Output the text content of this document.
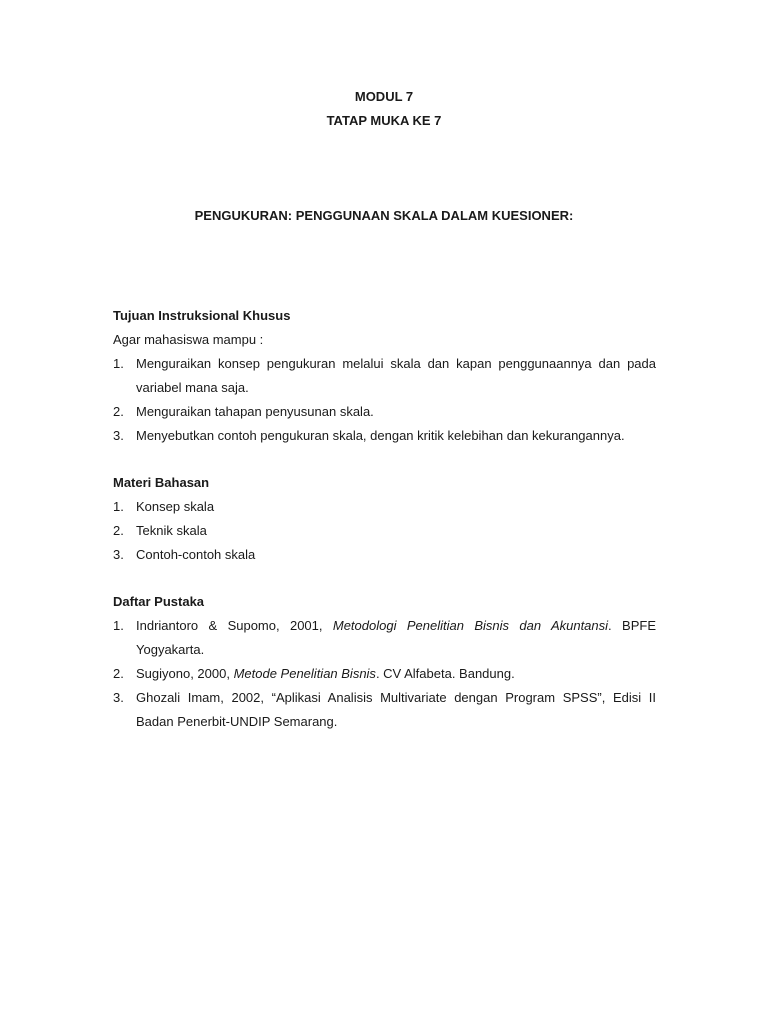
MODUL 7
TATAP MUKA KE 7
PENGUKURAN: PENGGUNAAN SKALA DALAM KUESIONER:
Tujuan Instruksional Khusus
Agar mahasiswa mampu :
1. Menguraikan konsep pengukuran melalui skala dan kapan penggunaannya dan pada variabel mana saja.
2. Menguraikan tahapan penyusunan skala.
3. Menyebutkan contoh pengukuran skala, dengan kritik kelebihan dan kekurangannya.
Materi Bahasan
1. Konsep skala
2. Teknik skala
3. Contoh-contoh skala
Daftar Pustaka
1. Indriantoro & Supomo, 2001, Metodologi Penelitian Bisnis dan Akuntansi. BPFE Yogyakarta.
2. Sugiyono, 2000, Metode Penelitian Bisnis. CV Alfabeta. Bandung.
3. Ghozali Imam, 2002, “Aplikasi Analisis Multivariate dengan Program SPSS”, Edisi II Badan Penerbit-UNDIP Semarang.
